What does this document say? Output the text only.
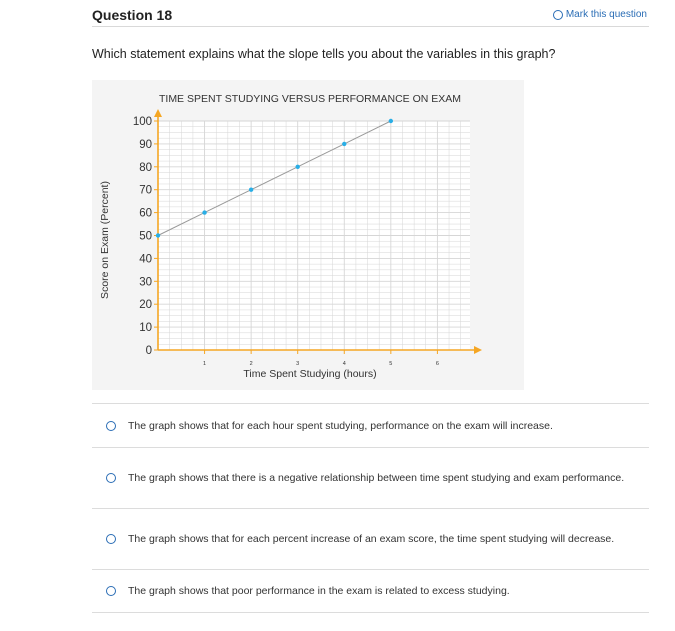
Question 18	Mark this question
Which statement explains what the slope tells you about the variables in this graph?
0
10
20
30
40
50
60
70
80
90
100
1	2	3	4	5	6
TIME SPENT STUDYING VERSUS PERFORMANCE ON EXAM
Time Spent Studying (hours)
Score on Exam (Percent)
The graph shows that for each hour spent studying, performance on the exam will increase.
The graph shows that there is a negative relationship between time spent studying and exam performance.
The graph shows that for each percent increase of an exam score, the time spent studying will decrease.
The graph shows that poor performance in the exam is related to excess studying.
